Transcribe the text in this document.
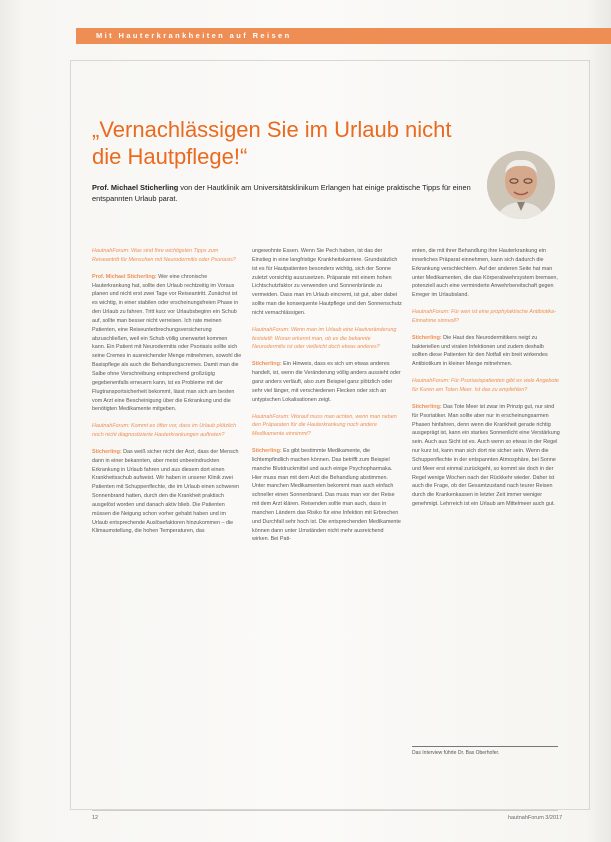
Mit Hauterkrankheiten auf Reisen
„Vernachlässigen Sie im Urlaub nicht
die Hautpflege!“
Prof. Michael Sticherling von der Hautklinik am Universitätsklinikum Erlangen hat einige praktische Tipps für einen entspannten Urlaub parat.

HautnahForum: Was sind Ihre wichtigsten Tipps zum Reiseantritt für Menschen mit Neurodermitis oder Psoriasis?

Prof. Michael Sticherling: Wer eine chronische Hauterkrankung hat, sollte den Urlaub rechtzeitig im Voraus planen und nicht erst zwei Tage vor Reiseantritt. Zunächst ist es wichtig, in einer stabilen oder erscheinungsfreien Phase in den Urlaub zu fahren. Tritt kurz vor Urlaubsbeginn ein Schub auf, sollte man besser nicht verreisen. Ich rate meinen Patienten, eine Reiseunterbrechungsversicherung abzuschließen, weil ein Schub völlig unerwartet kommen kann. Ein Patient mit Neurodermitis oder Psoriasis sollte sich seine Cremes in ausreichender Menge mitnehmen, sowohl die Basispflege als auch die Behandlungscremes. Damit man die Salbe ohne Verschreibung entsprechend großzügig gegebenenfalls erneuern kann, ist es Probleme mit der Flugtransportsicherheit bekommt, lässt man sich am besten vom Arzt eine Bescheinigung über die Erkrankung und die benötigten Medikamente mitgeben.

HautnahForum: Kommt es öfter vor, dass im Urlaub plötzlich noch nicht diagnostizierte Hauterkrankungen auftreten?

Sticherling: Das weiß sicher nicht der Arzt, dass der Mensch dann in einer bekannten, aber meist unbeeindruckten Erkrankung in Urlaub fahren und aus diesem dort einen Krankheitsschub aufweist. Wir haben in unserer Klinik zwei Patienten mit Schuppenflechte, die im Urlaub einen schweren Sonnenbrand hatten, durch den die Krankheit praktisch ausgelöst worden und danach aktiv blieb. Die Patienten müssen die Neigung schon vorher gehabt haben und im Urlaub entsprechende Auslösefaktoren hinzukommen – die Klimaumstellung, die hohen Temperaturen, das

ungewohnte Essen. Wenn Sie Pech haben, ist das der Einstieg in eine langfristige Krankheitskarriere. Grundsätzlich ist es für Hautpatienten besonders wichtig, sich der Sonne zuletzt vorsichtig auszusetzen. Präparate mit einem hohen Lichtschutzfaktor zu verwenden und Sonnenbrände zu vermeiden. Dass man im Urlaub eincremt, ist gut, aber dabei sollte man die konsequente Hautpflege und den Sonnenschutz nicht vernachlässigen.

HautnahForum: Wenn man im Urlaub eine Hautveränderung feststellt: Woran erkennt man, ob es die bekannte Neurodermitis ist oder vielleicht doch etwas anderes?

Sticherling: Ein Hinweis, dass es sich um etwas anderes handelt, ist, wenn die Veränderung völlig anders aussieht oder ganz anders verläuft, also zum Beispiel ganz plötzlich oder sehr viel länger, mit verschiedenen Flecken oder sich an untypischen Lokalisationen zeigt.

HautnahForum: Worauf muss man achten, wenn man neben den Präparaten für die Hauterkrankung noch andere Medikamente einnimmt?

Sticherling: Es gibt bestimmte Medikamente, die lichtempfindlich machen können. Das betrifft zum Beispiel manche Blutdruckmittel und auch einige Psychopharmaka. Hier muss man mit dem Arzt die Behandlung abstimmen. Unter manchen Medikamenten bekommt man auch einfach schneller einen Sonnenbrand. Das muss man vor der Reise mit dem Arzt klären. Reisenden sollte man auch, dass in manchen Ländern das Risiko für eine Infektion mit Erbrechen und Durchfall sehr hoch ist. Die entsprechenden Medikamente können dann unter Umständen nicht mehr ausreichend wirken. Bei Pati-

enten, die mit ihrer Behandlung ihre Hauterkrankung ein innerliches Präparat einnehmen, kann sich dadurch die Erkrankung verschlechtern. Auf der anderen Seite hat man unter Medikamenten, die das Körperabwehrsystem bremsen, potenziell auch eine verminderte Anwehrbereitschaft gegen Erreger im Urlaubsland.

HautnahForum: Für wen ist eine prophylaktische Antibiotika-Einnahme sinnvoll?

Sticherling: Die Haut des Neurodermitikers neigt zu bakteriellen und viralen Infektionen und zudem deshalb sollten diese Patienten für den Notfall ein breit wirkendes Antibiotikum in kleiner Menge mitnehmen.

HautnahForum: Für Psoriasispatienten gibt es viele Angebote für Kuren am Toten Meer. Ist das zu empfehlen?

Sticherling: Das Tote Meer ist zwar im Prinzip gut, nur sind für Psoriatiker. Man sollte aber nur in erscheinungsarmen Phasen hinfahren, denn wenn die Krankheit gerade richtig ausgeprägt ist, kann ein starkes Sonnenlicht eine Verstärkung sein. Auch aus Sicht ist es. Auch wenn so etwas in der Regel nur kurz ist, kann man sich dort nie sicher sein. Wenn die Schuppenflechte in der entspannten Atmosphäre, bei Sonne und Meer erst einmal zurückgeht, so kommt sie doch in der Regel wenige Wochen nach der Rückkehr wieder. Daher ist auch die Frage, ob der Gesamtzustand nach teurer Reisen durch die Krankenkassen in letzter Zeit immer weniger genehmigt. Lehrreich ist ein Urlaub am Mittelmeer auch gut.

Das Interview führte Dr. Bas Oberhofer.
12	hautnahForum 3/2017
